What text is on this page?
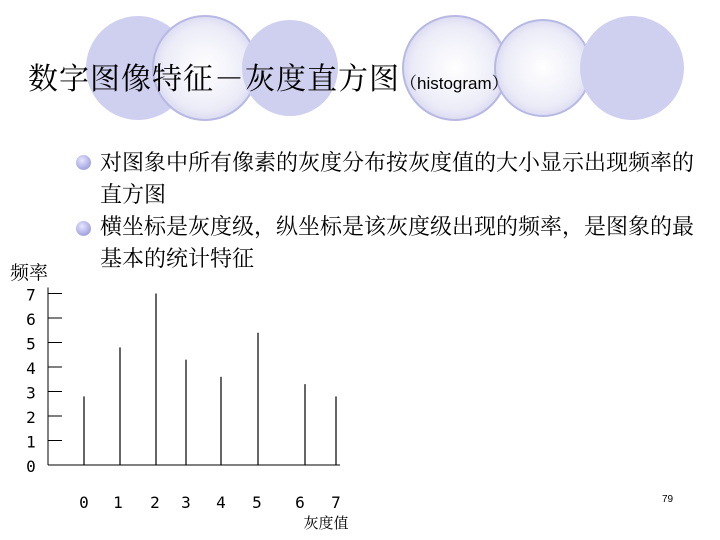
数字图像特征－灰度直方图（histogram）
对图象中所有像素的灰度分布按灰度值的大小显示出现频率的直方图
横坐标是灰度级，纵坐标是该灰度级出现的频率，是图象的最基本的统计特征
频率
0
1
2
3
4
5
6
7
0 1 2 3 4 5 6 7
灰度值
79
